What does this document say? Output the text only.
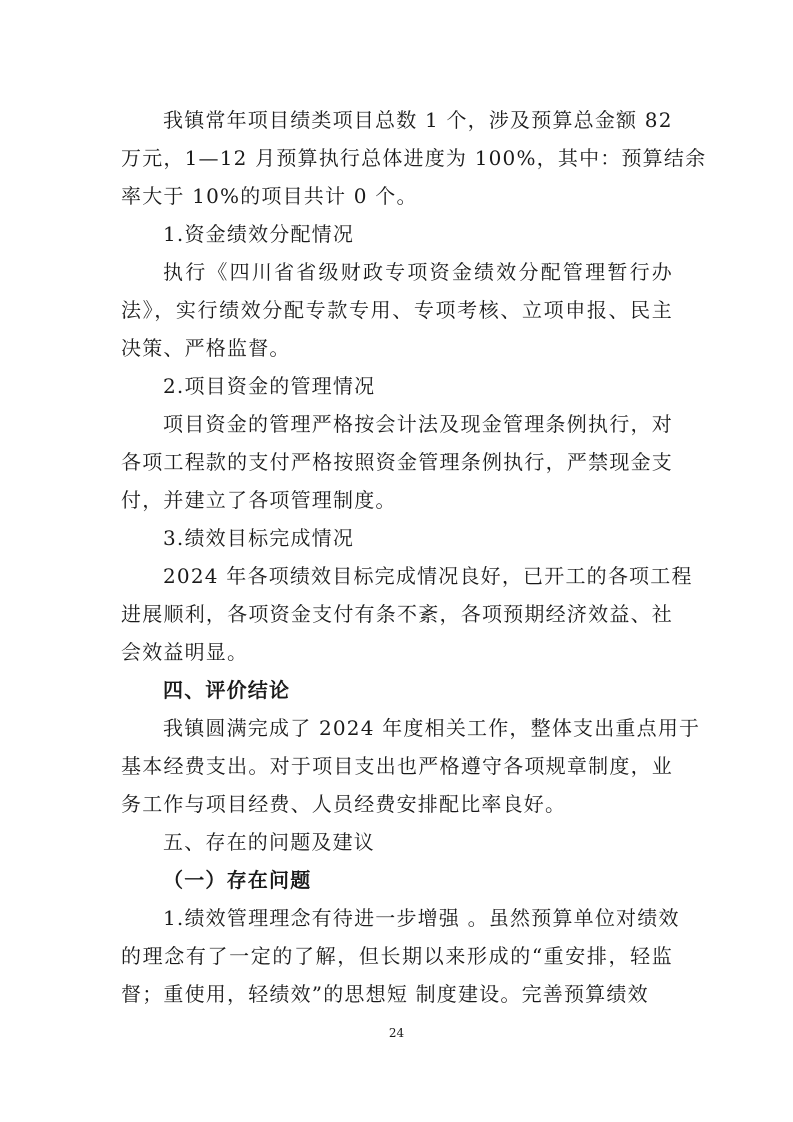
我镇常年项目绩类项目总数 1 个，涉及预算总金额 82
万元，1—12 月预算执行总体进度为 100%，其中：预算结余
率大于 10%的项目共计 0 个。
1.资金绩效分配情况
执行《四川省省级财政专项资金绩效分配管理暂行办
法》，实行绩效分配专款专用、专项考核、立项申报、民主
决策、严格监督。
2.项目资金的管理情况
项目资金的管理严格按会计法及现金管理条例执行，对
各项工程款的支付严格按照资金管理条例执行，严禁现金支
付，并建立了各项管理制度。
3.绩效目标完成情况
2024 年各项绩效目标完成情况良好，已开工的各项工程
进展顺利，各项资金支付有条不紊，各项预期经济效益、社
会效益明显。
四、评价结论
我镇圆满完成了 2024 年度相关工作，整体支出重点用于
基本经费支出。对于项目支出也严格遵守各项规章制度，业
务工作与项目经费、人员经费安排配比率良好。
五、存在的问题及建议
（一）存在问题
1.绩效管理理念有待进一步增强 。虽然预算单位对绩效
的理念有了一定的了解，但长期以来形成的“重安排，轻监
督；重使用，轻绩效”的思想短 制度建设。完善预算绩效
24
